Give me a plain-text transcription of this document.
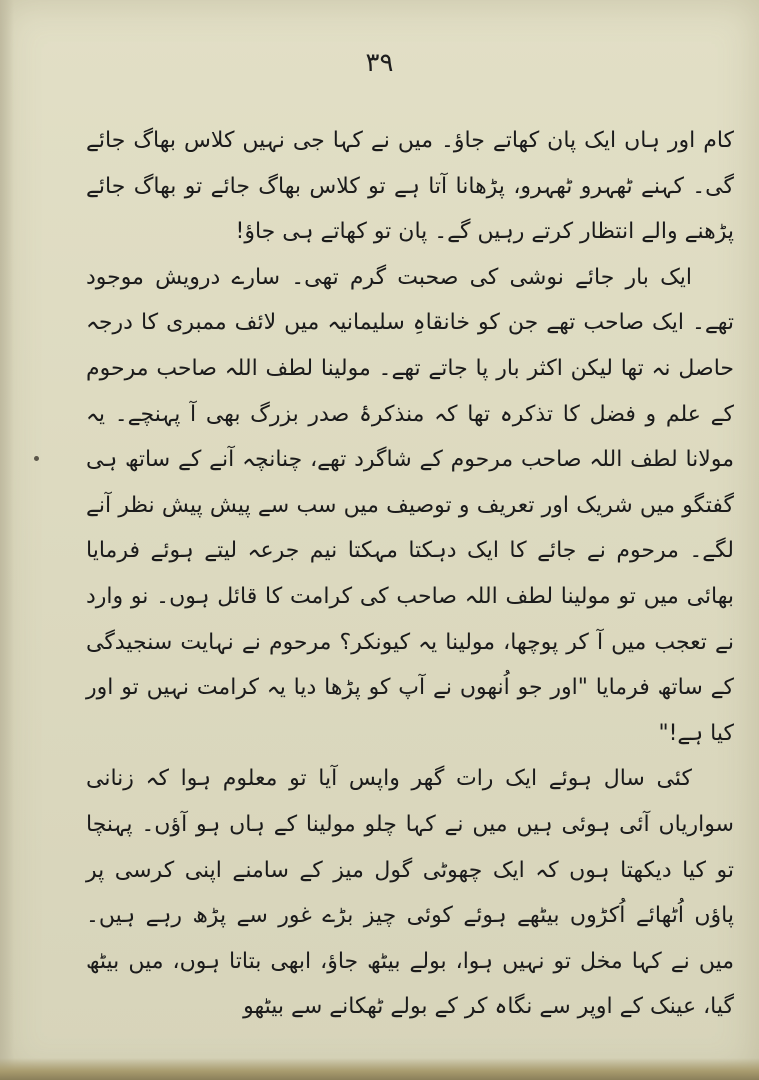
۳۹

کام اور ہاں ایک پان کھاتے جاؤ۔ میں نے کہا جی نہیں کلاس بھاگ جائے گی۔ کہنے ٹھہرو ٹھہرو، پڑھانا آتا ہے تو کلاس بھاگ جائے تو بھاگ جائے پڑھنے والے انتظار کرتے رہیں گے۔ پان تو کھاتے ہی جاؤ!

ایک بار جائے نوشی کی صحبت گرم تھی۔ سارے درویش موجود تھے۔ ایک صاحب تھے جن کو خانقاہِ سلیمانیہ میں لائف ممبری کا درجہ حاصل نہ تھا لیکن اکثر بار پا جاتے تھے۔ مولینا لطف اللہ صاحب مرحوم کے علم و فضل کا تذکرہ تھا کہ منذکرۂ صدر بزرگ بھی آ پہنچے۔ یہ مولانا لطف اللہ صاحب مرحوم کے شاگرد تھے، چنانچہ آنے کے ساتھ ہی گفتگو میں شریک اور تعریف و توصیف میں سب سے پیش پیش نظر آنے لگے۔ مرحوم نے جائے کا ایک دہکتا مہکتا نیم جرعہ لیتے ہوئے فرمایا بھائی میں تو مولینا لطف اللہ صاحب کی کرامت کا قائل ہوں۔ نو وارد نے تعجب میں آ کر پوچھا، مولینا یہ کیونکر؟ مرحوم نے نہایت سنجیدگی کے ساتھ فرمایا "اور جو اُنھوں نے آپ کو پڑھا دیا یہ کرامت نہیں تو اور کیا ہے!"

کئی سال ہوئے ایک رات گھر واپس آیا تو معلوم ہوا کہ زنانی سواریاں آئی ہوئی ہیں میں نے کہا چلو مولینا کے ہاں ہو آؤں۔ پہنچا تو کیا دیکھتا ہوں کہ ایک چھوٹی گول میز کے سامنے اپنی کرسی پر پاؤں اُٹھائے اُکڑوں بیٹھے ہوئے کوئی چیز بڑے غور سے پڑھ رہے ہیں۔ میں نے کہا مخل تو نہیں ہوا، بولے بیٹھ جاؤ، ابھی بتاتا ہوں، میں بیٹھ گیا، عینک کے اوپر سے نگاہ کر کے بولے ٹھکانے سے بیٹھو
